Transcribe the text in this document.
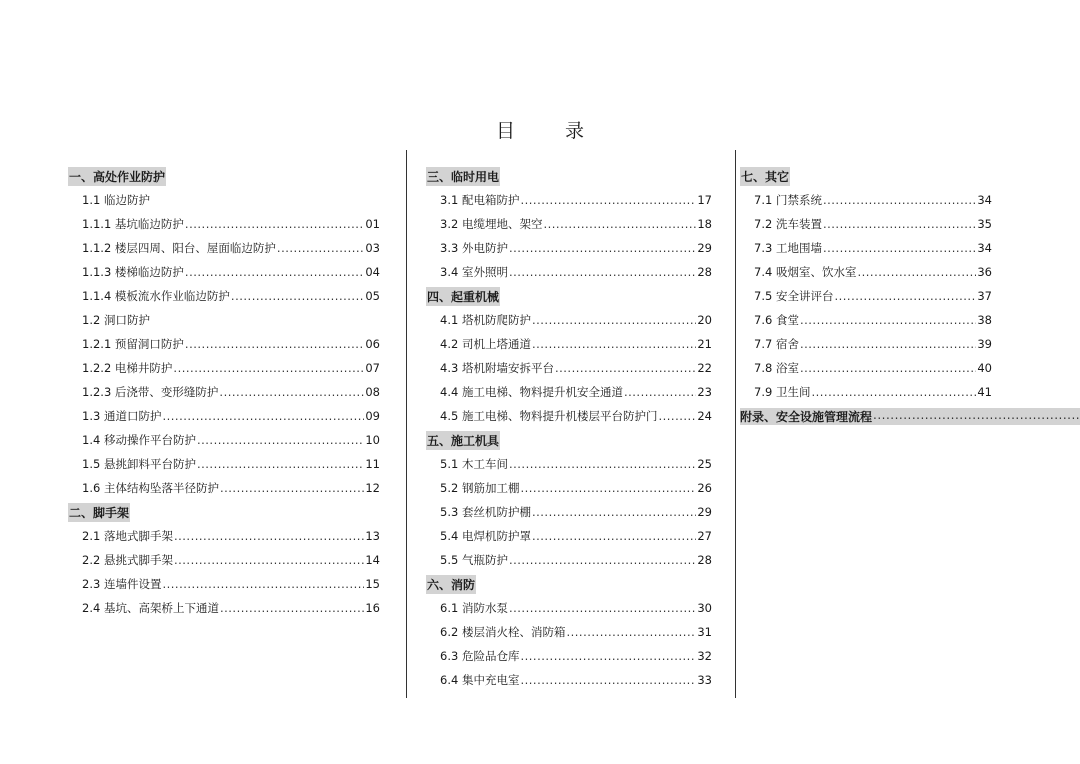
目 录
一、高处作业防护
1.1 临边防护
1.1.1 基坑临边防护 .....	01
1.1.2 楼层四周、阳台、屋面临边防护 .....	03
1.1.3 楼梯临边防护 .....	04
1.1.4 模板流水作业临边防护 .....	05
1.2 洞口防护
1.2.1 预留洞口防护 .....	06
1.2.2 电梯井防护 .....	07
1.2.3 后浇带、变形缝防护 .....	08
1.3 通道口防护 .....	09
1.4 移动操作平台防护 .....	10
1.5 悬挑卸料平台防护 .....	11
1.6 主体结构坠落半径防护 .....	12
二、脚手架
2.1 落地式脚手架 .....	13
2.2 悬挑式脚手架 .....	14
2.3 连墙件设置 .....	15
2.4 基坑、高架桥上下通道 .....	16
三、临时用电
3.1 配电箱防护 .....	17
3.2 电缆埋地、架空 .....	18
3.3 外电防护 .....	29
3.4 室外照明 .....	28
四、起重机械
4.1 塔机防爬防护 .....	20
4.2 司机上塔通道 .....	21
4.3 塔机附墙安拆平台 .....	22
4.4 施工电梯、物料提升机安全通道 .....	23
4.5 施工电梯、物料提升机楼层平台防护门 .....	24
五、施工机具
5.1 木工车间 .....	25
5.2 钢筋加工棚 .....	26
5.3 套丝机防护棚 .....	29
5.4 电焊机防护罩 .....	27
5.5 气瓶防护 .....	28
六、消防
6.1 消防水泵 .....	30
6.2 楼层消火栓、消防箱 .....	31
6.3 危险品仓库 .....	32
6.4 集中充电室 .....	33
七、其它
7.1 门禁系统 .....	34
7.2 洗车装置 .....	35
7.3 工地围墙 .....	34
7.4 吸烟室、饮水室 .....	36
7.5 安全讲评台 .....	37
7.6 食堂 .....	38
7.7 宿舍 .....	39
7.8 浴室 .....	40
7.9 卫生间 .....	41
附录、安全设施管理流程
.....
